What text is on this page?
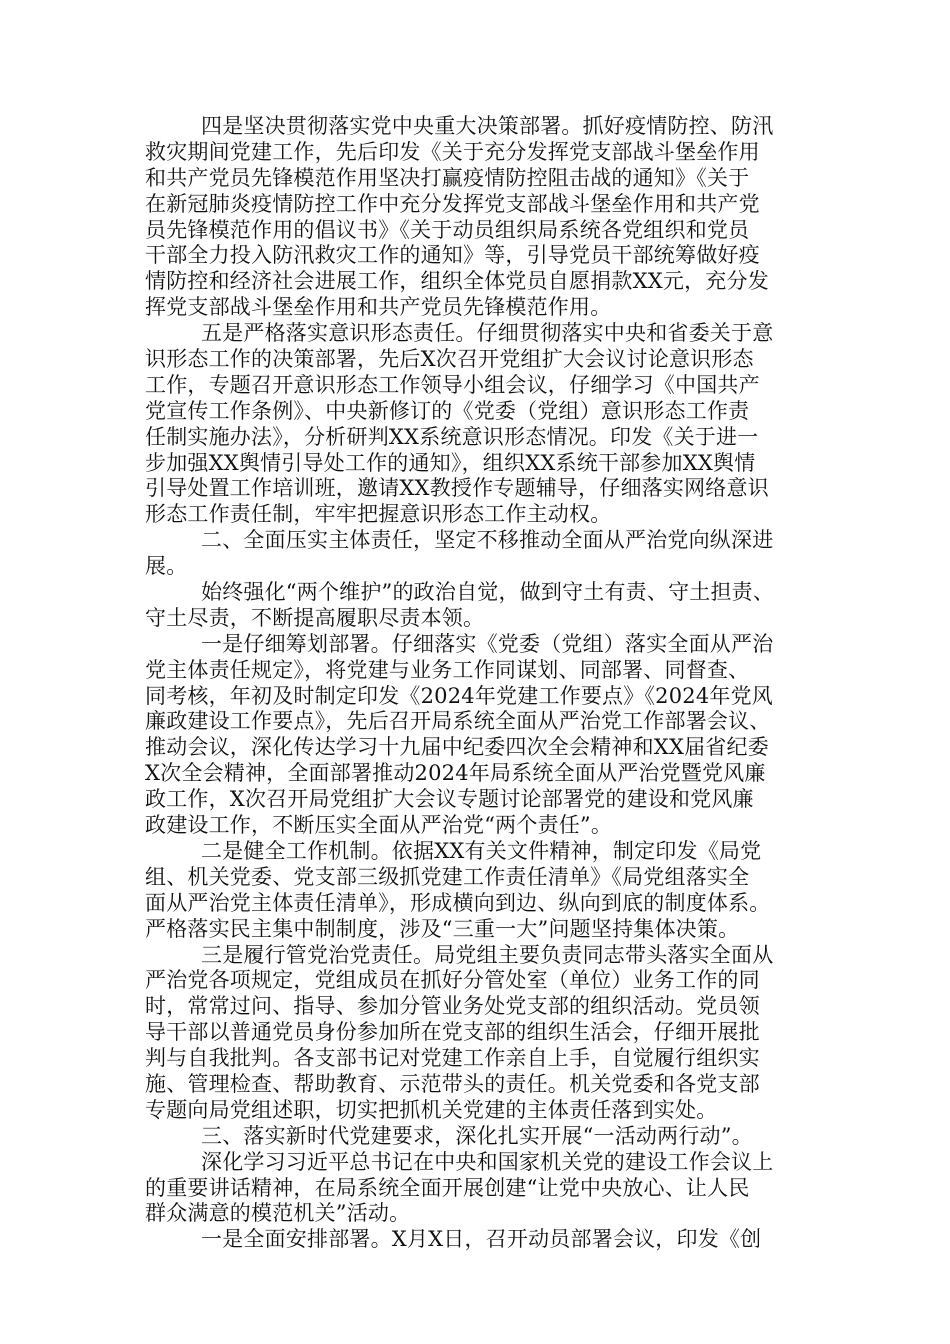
四是坚决贯彻落实党中央重大决策部署。抓好疫情防控、防汛
救灾期间党建工作，先后印发《关于充分发挥党支部战斗堡垒作用
和共产党员先锋模范作用坚决打赢疫情防控阻击战的通知》《关于
在新冠肺炎疫情防控工作中充分发挥党支部战斗堡垒作用和共产党
员先锋模范作用的倡议书》《关于动员组织局系统各党组织和党员
干部全力投入防汛救灾工作的通知》等，引导党员干部统筹做好疫
情防控和经济社会进展工作，组织全体党员自愿捐款XX元，充分发
挥党支部战斗堡垒作用和共产党员先锋模范作用。
五是严格落实意识形态责任。仔细贯彻落实中央和省委关于意
识形态工作的决策部署，先后X次召开党组扩大会议讨论意识形态
工作，专题召开意识形态工作领导小组会议，仔细学习《中国共产
党宣传工作条例》、中央新修订的《党委（党组）意识形态工作责
任制实施办法》，分析研判XX系统意识形态情况。印发《关于进一
步加强XX舆情引导处工作的通知》，组织XX系统干部参加XX舆情
引导处置工作培训班，邀请XX教授作专题辅导，仔细落实网络意识
形态工作责任制，牢牢把握意识形态工作主动权。
二、全面压实主体责任，坚定不移推动全面从严治党向纵深进
展。
始终强化“两个维护”的政治自觉，做到守土有责、守土担责、
守土尽责，不断提高履职尽责本领。
一是仔细筹划部署。仔细落实《党委（党组）落实全面从严治
党主体责任规定》，将党建与业务工作同谋划、同部署、同督查、
同考核，年初及时制定印发《2024年党建工作要点》《2024年党风
廉政建设工作要点》，先后召开局系统全面从严治党工作部署会议、
推动会议，深化传达学习十九届中纪委四次全会精神和XX届省纪委
X次全会精神，全面部署推动2024年局系统全面从严治党暨党风廉
政工作，X次召开局党组扩大会议专题讨论部署党的建设和党风廉
政建设工作，不断压实全面从严治党“两个责任”。
二是健全工作机制。依据XX有关文件精神，制定印发《局党
组、机关党委、党支部三级抓党建工作责任清单》《局党组落实全
面从严治党主体责任清单》，形成横向到边、纵向到底的制度体系。
严格落实民主集中制制度，涉及“三重一大”问题坚持集体决策。
三是履行管党治党责任。局党组主要负责同志带头落实全面从
严治党各项规定，党组成员在抓好分管处室（单位）业务工作的同
时，常常过问、指导、参加分管业务处党支部的组织活动。党员领
导干部以普通党员身份参加所在党支部的组织生活会，仔细开展批
判与自我批判。各支部书记对党建工作亲自上手，自觉履行组织实
施、管理检查、帮助教育、示范带头的责任。机关党委和各党支部
专题向局党组述职，切实把抓机关党建的主体责任落到实处。
三、落实新时代党建要求，深化扎实开展“一活动两行动”。
深化学习习近平总书记在中央和国家机关党的建设工作会议上
的重要讲话精神，在局系统全面开展创建“让党中央放心、让人民
群众满意的模范机关”活动。
一是全面安排部署。X月X日，召开动员部署会议，印发《创
